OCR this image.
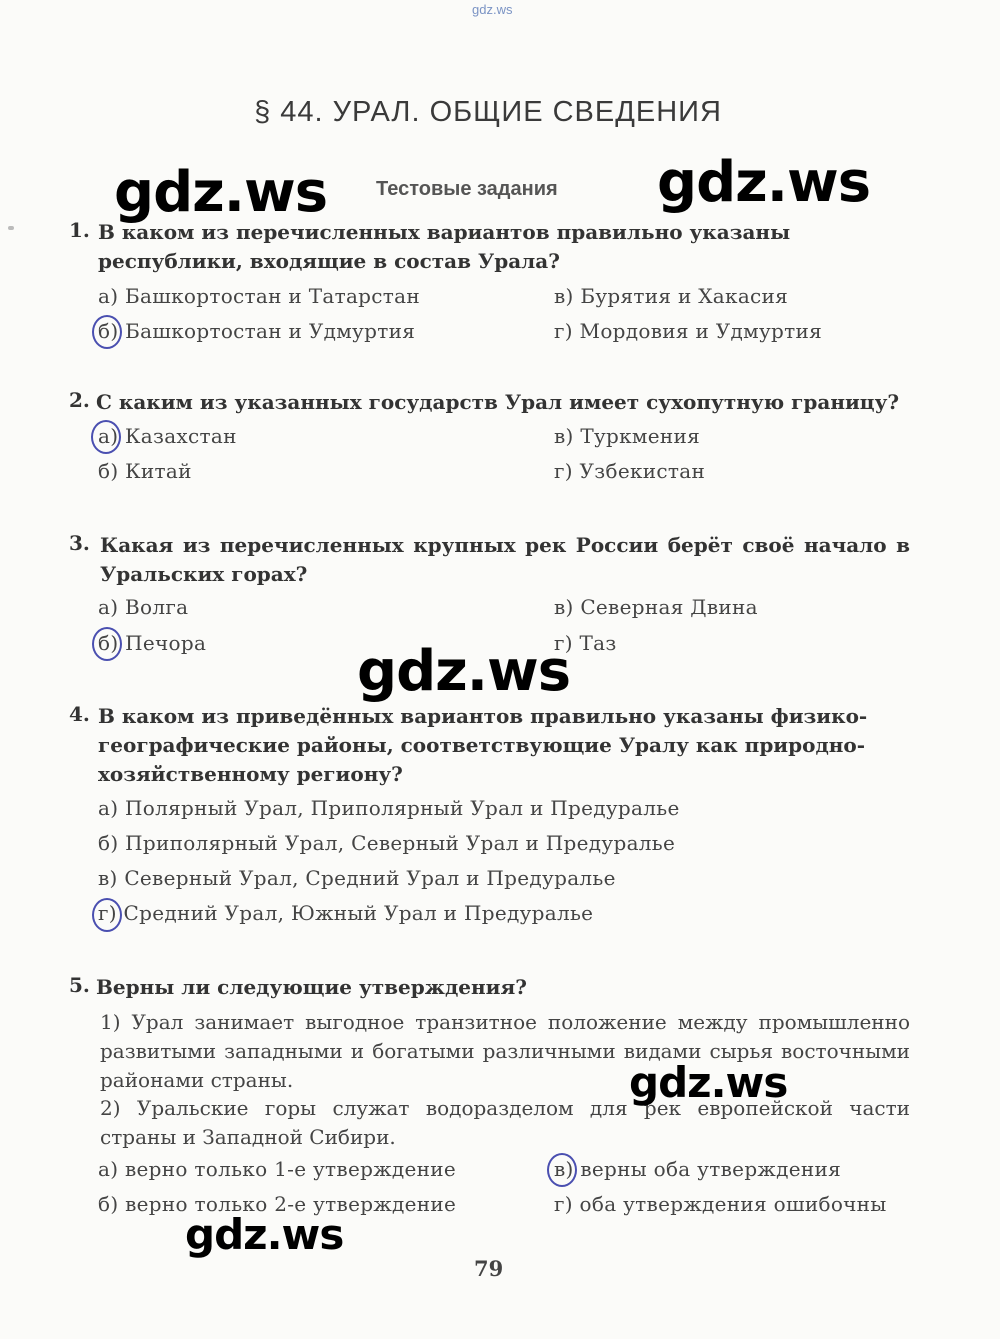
gdz.ws
§ 44. УРАЛ. ОБЩИЕ СВЕДЕНИЯ
Тестовые задания
gdz.ws	gdz.ws
1. В каком из перечисленных вариантов правильно указаны республики, входящие в состав Урала?
а) Башкортостан и Татарстан
б) Башкортостан и Удмуртия
в) Бурятия и Хакасия
г) Мордовия и Удмуртия
2. С каким из указанных государств Урал имеет сухопутную границу?
а) Казахстан
б) Китай
в) Туркмения
г) Узбекистан
3. Какая из перечисленных крупных рек России берёт своё начало в Уральских горах?
а) Волга
б) Печора
в) Северная Двина
г) Таз
gdz.ws
4. В каком из приведённых вариантов правильно указаны физико-географические районы, соответствующие Уралу как природно-хозяйственному региону?
а) Полярный Урал, Приполярный Урал и Предуралье
б) Приполярный Урал, Северный Урал и Предуралье
в) Северный Урал, Средний Урал и Предуралье
г) Средний Урал, Южный Урал и Предуралье
5. Верны ли следующие утверждения?
1) Урал занимает выгодное транзитное положение между промышленно развитыми западными и богатыми различными видами сырья восточными районами страны.
2) Уральские горы служат водоразделом для рек европейской части страны и Западной Сибири.
gdz.ws
а) верно только 1-е утверждение
б) верно только 2-е утверждение
в) верны оба утверждения
г) оба утверждения ошибочны
gdz.ws
79
